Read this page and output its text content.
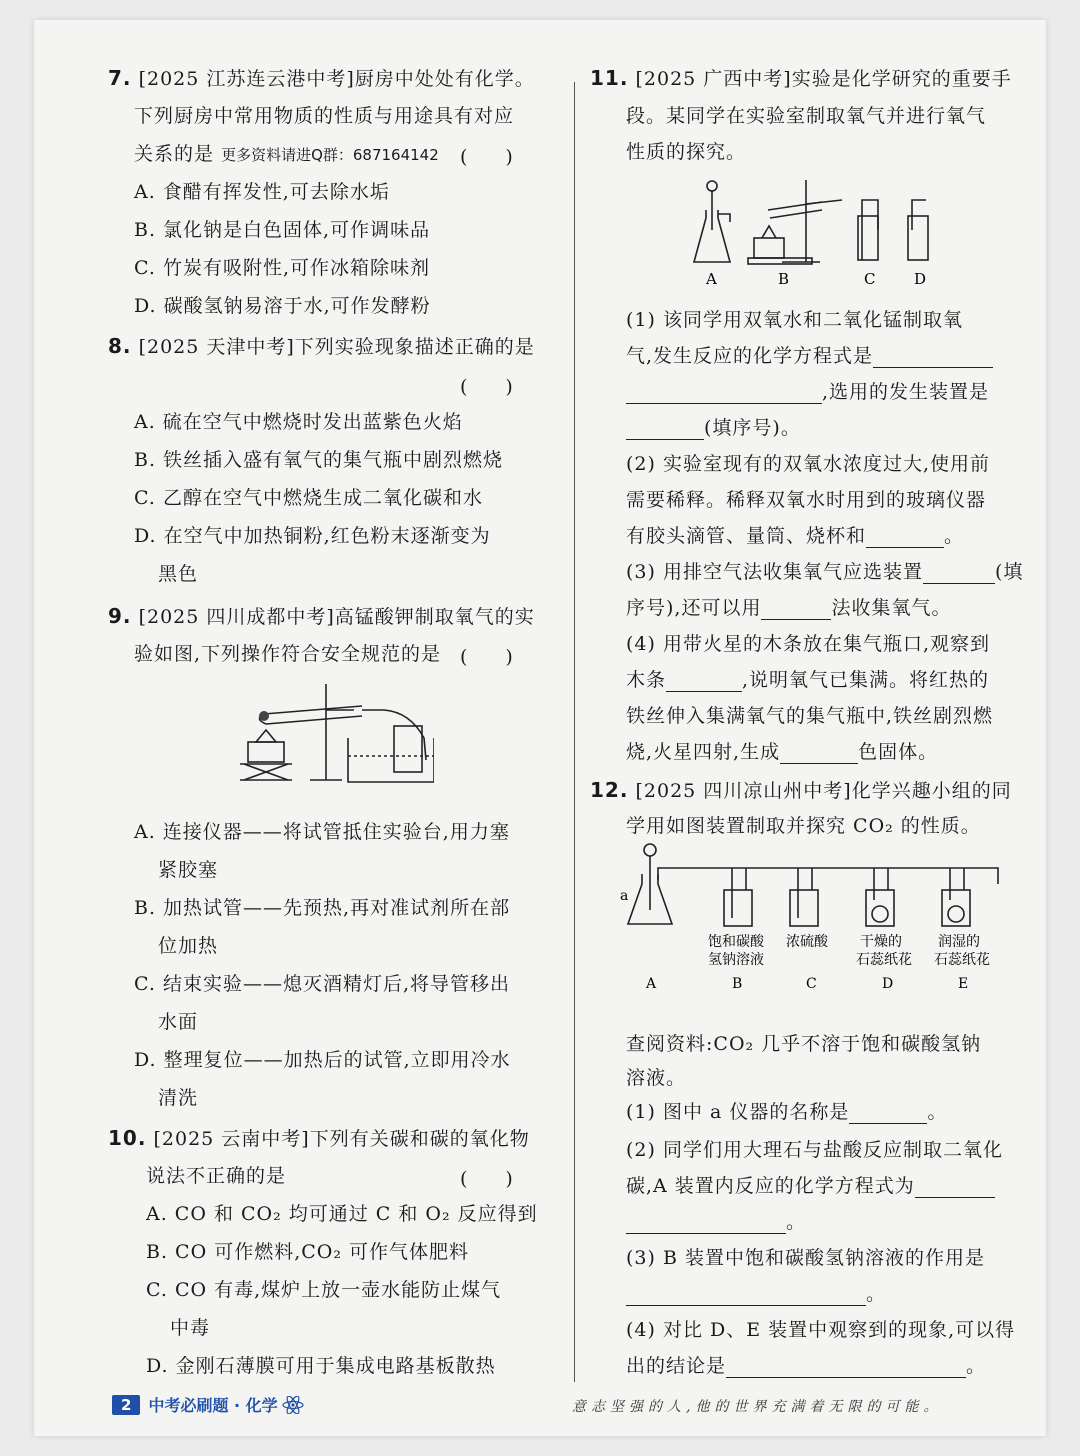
7. [2025 江苏连云港中考]厨房中处处有化学。
下列厨房中常用物质的性质与用途具有对应
关系的是 更多资料请进Q群：687164142 (　　)
A. 食醋有挥发性,可去除水垢
B. 氯化钠是白色固体,可作调味品
C. 竹炭有吸附性,可作冰箱除味剂
D. 碳酸氢钠易溶于水,可作发酵粉
8. [2025 天津中考]下列实验现象描述正确的是
(　　)
A. 硫在空气中燃烧时发出蓝紫色火焰
B. 铁丝插入盛有氧气的集气瓶中剧烈燃烧
C. 乙醇在空气中燃烧生成二氧化碳和水
D. 在空气中加热铜粉,红色粉末逐渐变为
黑色
9. [2025 四川成都中考]高锰酸钾制取氧气的实
验如图,下列操作符合安全规范的是 (　　)
A. 连接仪器——将试管抵住实验台,用力塞
紧胶塞
B. 加热试管——先预热,再对准试剂所在部
位加热
C. 结束实验——熄灭酒精灯后,将导管移出
水面
D. 整理复位——加热后的试管,立即用冷水
清洗
10. [2025 云南中考]下列有关碳和碳的氧化物
说法不正确的是	(　　)
A. CO 和 CO₂ 均可通过 C 和 O₂ 反应得到
B. CO 可作燃料,CO₂ 可作气体肥料
C. CO 有毒,煤炉上放一壶水能防止煤气
中毒
D. 金刚石薄膜可用于集成电路基板散热
11. [2025 广西中考]实验是化学研究的重要手
段。某同学在实验室制取氧气并进行氧气
性质的探究。
A	B	C	D
(1) 该同学用双氧水和二氧化锰制取氧
气,发生反应的化学方程式是
,选用的发生装置是
(填序号)。
(2) 实验室现有的双氧水浓度过大,使用前
需要稀释。稀释双氧水时用到的玻璃仪器
有胶头滴管、量筒、烧杯和	。
(3) 用排空气法收集氧气应选装置	(填
序号),还可以用	法收集氧气。
(4) 用带火星的木条放在集气瓶口,观察到
木条	,说明氧气已集满。将红热的
铁丝伸入集满氧气的集气瓶中,铁丝剧烈燃
烧,火星四射,生成	色固体。
12. [2025 四川凉山州中考]化学兴趣小组的同
学用如图装置制取并探究 CO₂ 的性质。
a
饱和碳酸
氢钠溶液
浓硫酸 干燥的
石蕊纸花
润湿的
石蕊纸花
A	B	C	D	E
查阅资料:CO₂ 几乎不溶于饱和碳酸氢钠
溶液。
(1) 图中 a 仪器的名称是	。
(2) 同学们用大理石与盐酸反应制取二氧化
碳,A 装置内反应的化学方程式为
。
(3) B 装置中饱和碳酸氢钠溶液的作用是
。
(4) 对比 D、E 装置中观察到的现象,可以得
出的结论是	。
2	中考必刷题 · 化学	意志坚强的人,他的世界充满着无限的可能。
